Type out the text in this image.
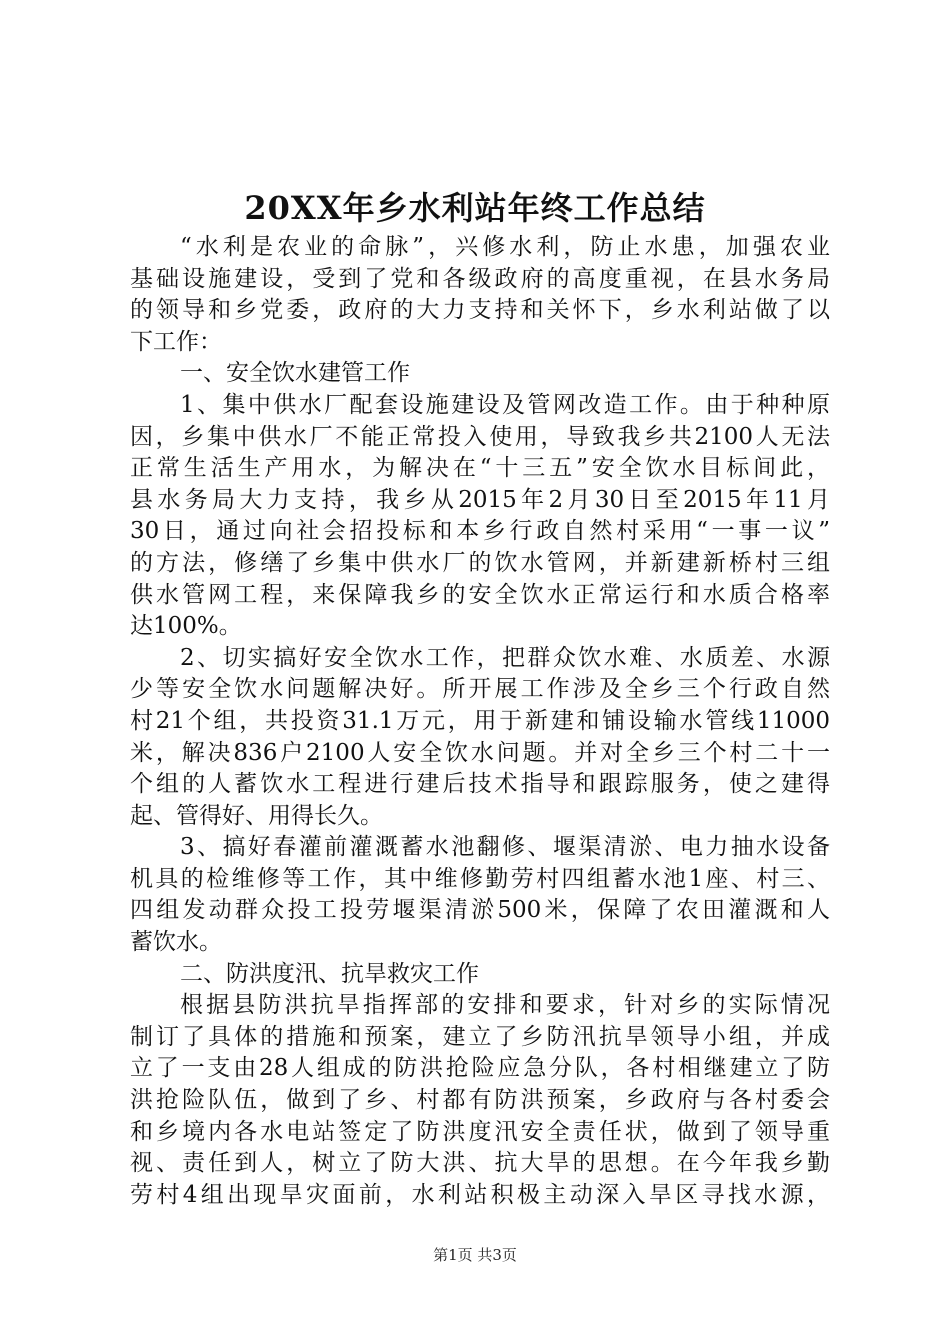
20XX年乡水利站年终工作总结
“水利是农业的命脉”，兴修水利，防止水患，加强农业
基础设施建设，受到了党和各级政府的高度重视，在县水务局
的领导和乡党委，政府的大力支持和关怀下，乡水利站做了以
下工作：
一、安全饮水建管工作
1、集中供水厂配套设施建设及管网改造工作。由于种种原
因，乡集中供水厂不能正常投入使用，导致我乡共2100人无法
正常生活生产用水，为解决在“十三五”安全饮水目标间此，
县水务局大力支持，我乡从2015年2月30日至2015年11月
30日，通过向社会招投标和本乡行政自然村采用“一事一议”
的方法，修缮了乡集中供水厂的饮水管网，并新建新桥村三组
供水管网工程，来保障我乡的安全饮水正常运行和水质合格率
达100%。
2、切实搞好安全饮水工作，把群众饮水难、水质差、水源
少等安全饮水问题解决好。所开展工作涉及全乡三个行政自然
村21个组，共投资31.1万元，用于新建和铺设输水管线11000
米，解决836户2100人安全饮水问题。并对全乡三个村二十一
个组的人蓄饮水工程进行建后技术指导和跟踪服务，使之建得
起、管得好、用得长久。
3、搞好春灌前灌溉蓄水池翻修、堰渠清淤、电力抽水设备
机具的检维修等工作，其中维修勤劳村四组蓄水池1座、村三、
四组发动群众投工投劳堰渠清淤500米，保障了农田灌溉和人
蓄饮水。
二、防洪度汛、抗旱救灾工作
根据县防洪抗旱指挥部的安排和要求，针对乡的实际情况
制订了具体的措施和预案，建立了乡防汛抗旱领导小组，并成
立了一支由28人组成的防洪抢险应急分队，各村相继建立了防
洪抢险队伍，做到了乡、村都有防洪预案，乡政府与各村委会
和乡境内各水电站签定了防洪度汛安全责任状，做到了领导重
视、责任到人，树立了防大洪、抗大旱的思想。在今年我乡勤
劳村4组出现旱灾面前，水利站积极主动深入旱区寻找水源，
第1页 共3页
